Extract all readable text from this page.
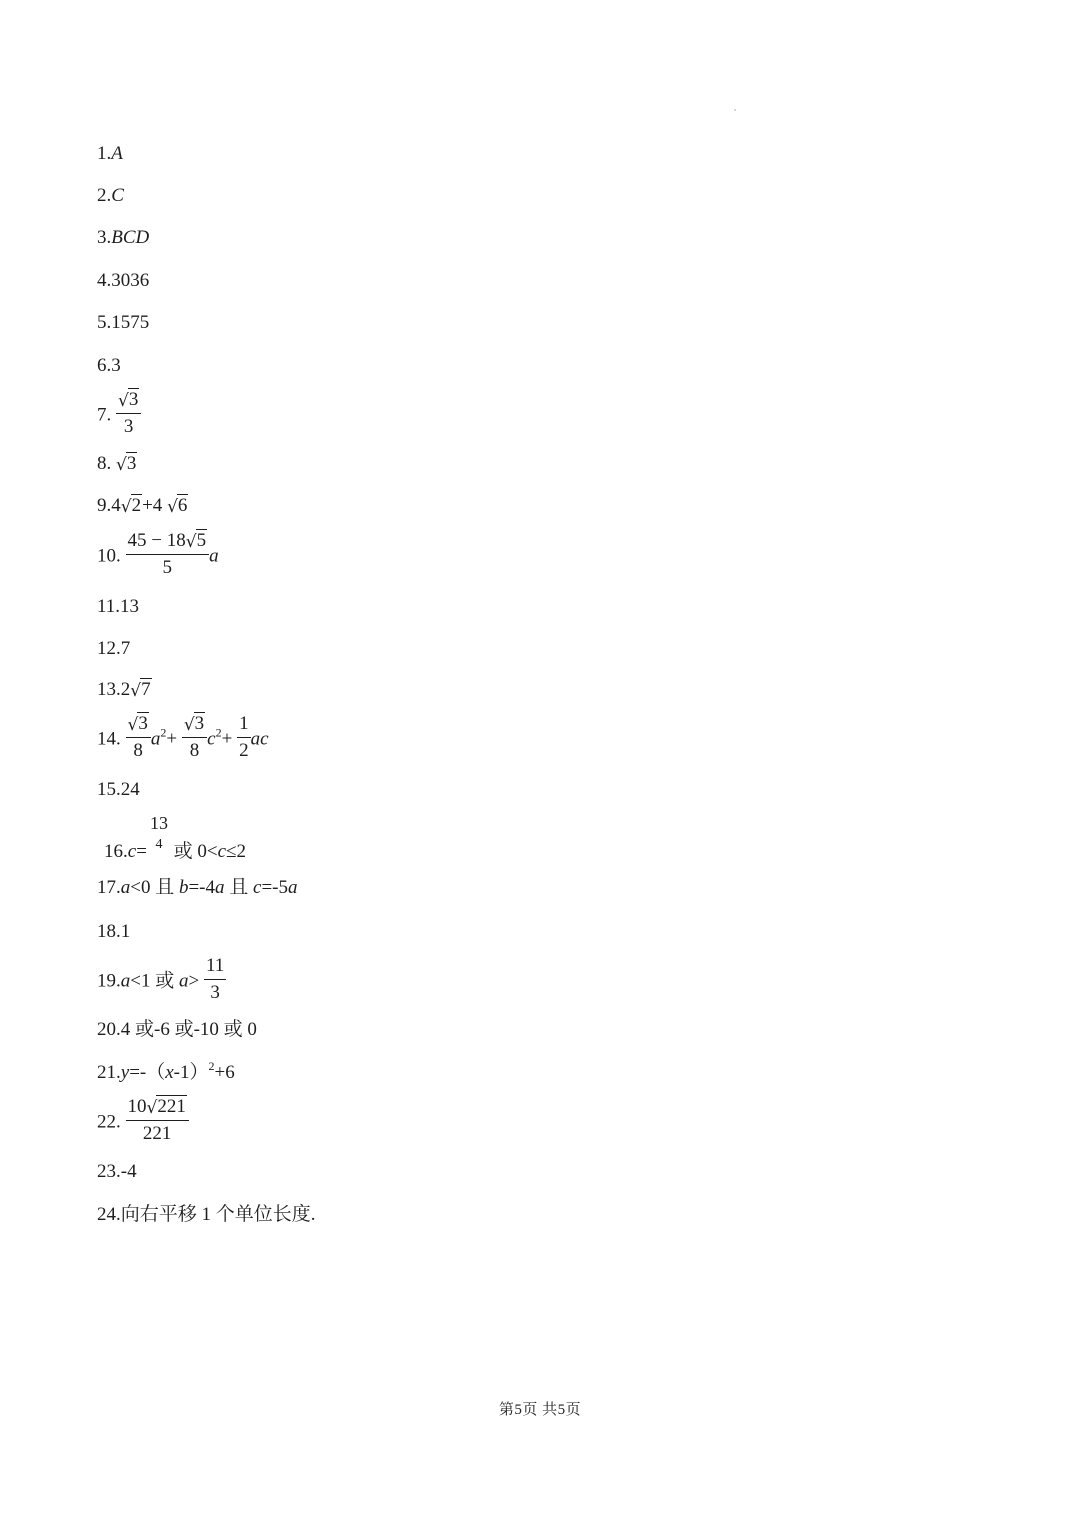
1.A
2.C
3.BCD
4.3036
5.1575
6.3
7. $\frac{√3}{3}$
8. √3
9.4√2+4 √6
10. $\frac{45 - 18√5}{5}$ a
11.13
12.7
13.2√7
14. $\frac{√3}{8} a^2+ \frac{√3}{8} c^2+ \frac{1}{2}$ ac
15.24
13
4
16.c= 或 0<c≤2
17.a<0 且 b=-4a 且 c=-5a
18.1
19.a<1 或 $a> \frac{11}{3}$
20.4 或-6 或-10 或 0
$21.y=-(x-1)^2+6$
22. $\frac{10√221}{221}$
23.-4
24.向右平移 1 个单位长度.
第5页 共5页
